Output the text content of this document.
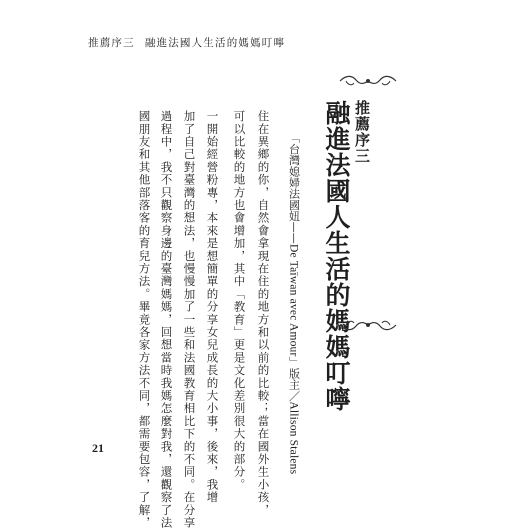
推薦序三 融進法國人生活的媽媽叮嚀
推薦序三
融進法國人生活的媽媽叮嚀
「台灣媳婦法國妞——De Taïwan avec Amour」版主／Allison Stalens
住在異鄉的你，自然會拿現在住的地方和以前的比較；當在國外生小孩，
可以比較的地方也會增加，其中「教育」更是文化差別很大的部分。
一開始經營粉專，本來是想簡單的分享女兒成長的大小事，後來，我增
加了自己對臺灣的想法，也慢慢加了一些和法國教育相比下的不同。在分享
過程中，我不只觀察身邊的臺灣媽媽，回想當時我媽怎麼對我，還觀察了法
國朋友和其他部落客的育兒方法。畢竟各家方法不同，都需要包容，了解，
21
